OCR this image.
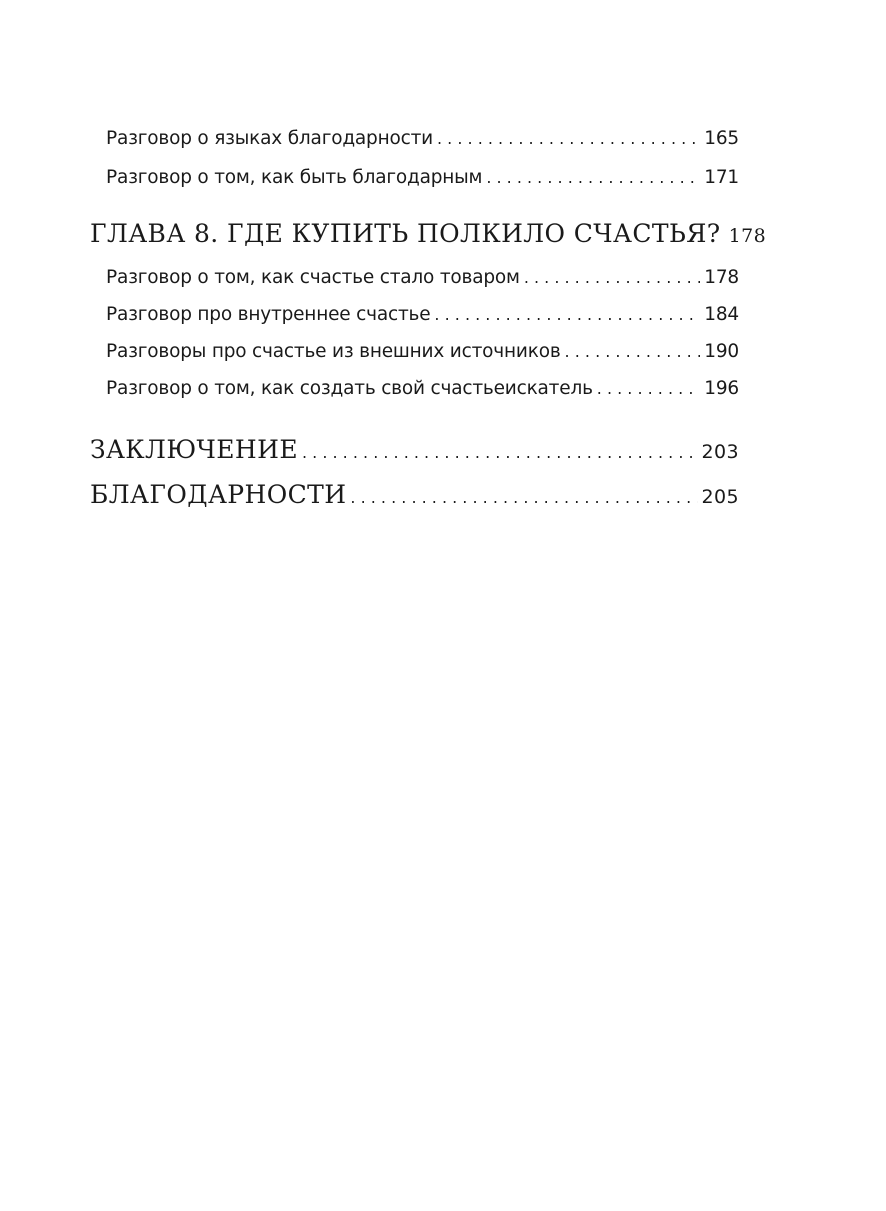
Разговор о языках благодарности . . .	165
Разговор о том, как быть благодарным . . .	171
ГЛАВА 8. ГДЕ КУПИТЬ ПОЛКИЛО СЧАСТЬЯ? 178
Разговор о том, как счастье стало товаром . . .	178
Разговор про внутреннее счастье . . .	184
Разговоры про счастье из внешних источников . . .	190
Разговор о том, как создать свой счастьеискатель . . .	196
ЗАКЛЮЧЕНИЕ . . .	203
БЛАГОДАРНОСТИ . . .	205
